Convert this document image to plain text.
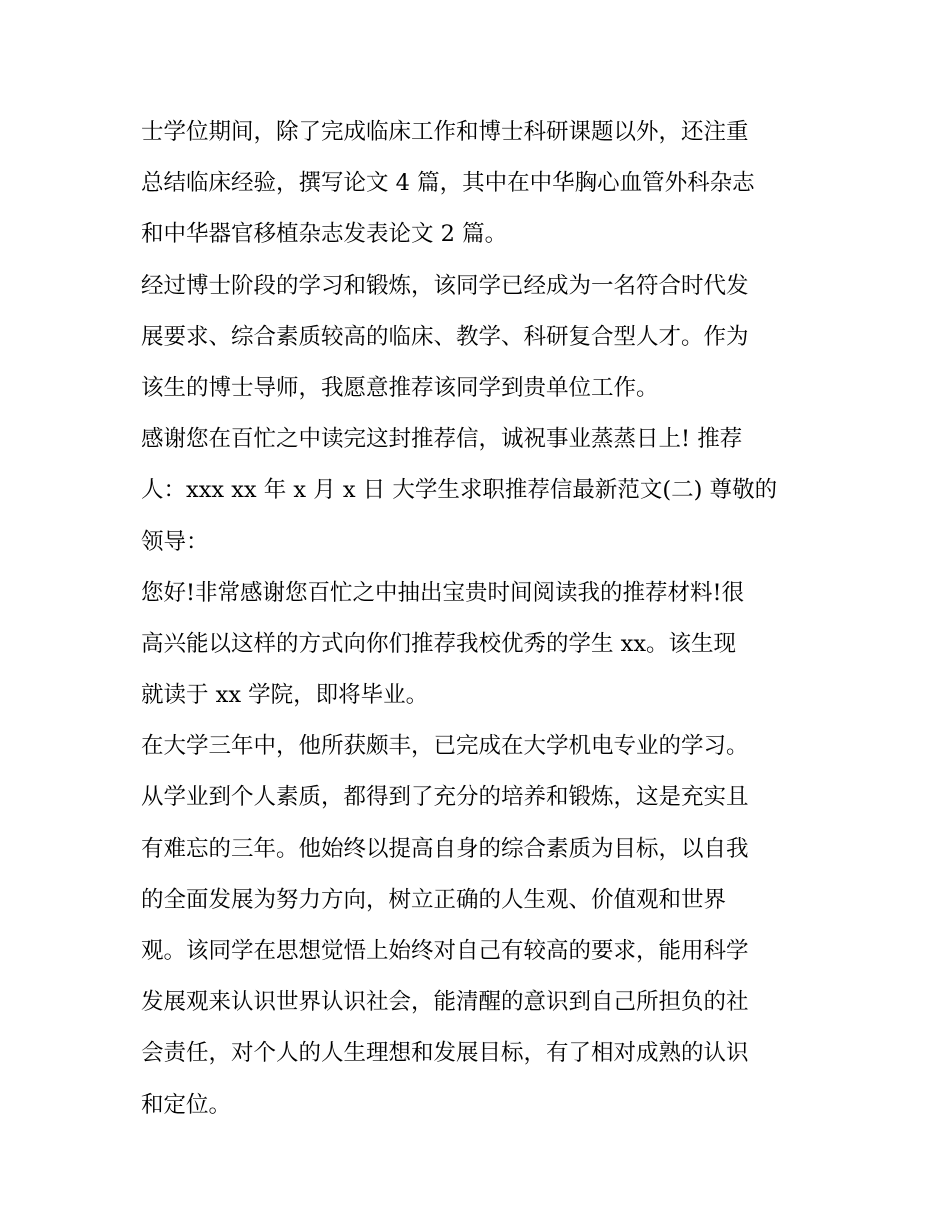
士学位期间，除了完成临床工作和博士科研课题以外，还注重
总结临床经验，撰写论文 4 篇，其中在中华胸心血管外科杂志
和中华器官移植杂志发表论文 2 篇。
经过博士阶段的学习和锻炼，该同学已经成为一名符合时代发
展要求、综合素质较高的临床、教学、科研复合型人才。作为
该生的博士导师，我愿意推荐该同学到贵单位工作。
感谢您在百忙之中读完这封推荐信，诚祝事业蒸蒸日上! 推荐
人：xxx xx 年 x 月 x 日 大学生求职推荐信最新范文(二) 尊敬的
领导：
您好!非常感谢您百忙之中抽出宝贵时间阅读我的推荐材料!很
高兴能以这样的方式向你们推荐我校优秀的学生 xx。该生现
就读于 xx 学院，即将毕业。
在大学三年中，他所获颇丰，已完成在大学机电专业的学习。
从学业到个人素质，都得到了充分的培养和锻炼，这是充实且
有难忘的三年。他始终以提高自身的综合素质为目标，以自我
的全面发展为努力方向，树立正确的人生观、价值观和世界
观。该同学在思想觉悟上始终对自己有较高的要求，能用科学
发展观来认识世界认识社会，能清醒的意识到自己所担负的社
会责任，对个人的人生理想和发展目标，有了相对成熟的认识
和定位。
